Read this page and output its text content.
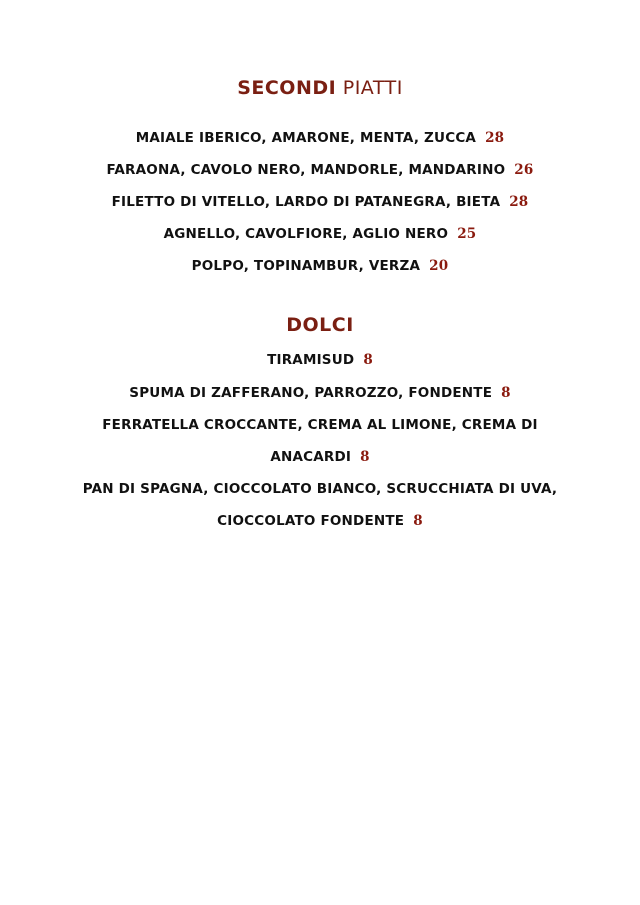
SECONDI PIATTI
MAIALE IBERICO, AMARONE, MENTA, ZUCCA 28
FARAONA, CAVOLO NERO, MANDORLE, MANDARINO 26
FILETTO DI VITELLO, LARDO DI PATANEGRA, BIETA 28
AGNELLO, CAVOLFIORE, AGLIO NERO 25
POLPO, TOPINAMBUR, VERZA 20
DOLCI
TIRAMISUD 8
SPUMA DI ZAFFERANO, PARROZZO, FONDENTE 8
FERRATELLA CROCCANTE, CREMA AL LIMONE, CREMA DI
ANACARDI 8
PAN DI SPAGNA, CIOCCOLATO BIANCO, SCRUCCHIATA DI UVA,
CIOCCOLATO FONDENTE 8
